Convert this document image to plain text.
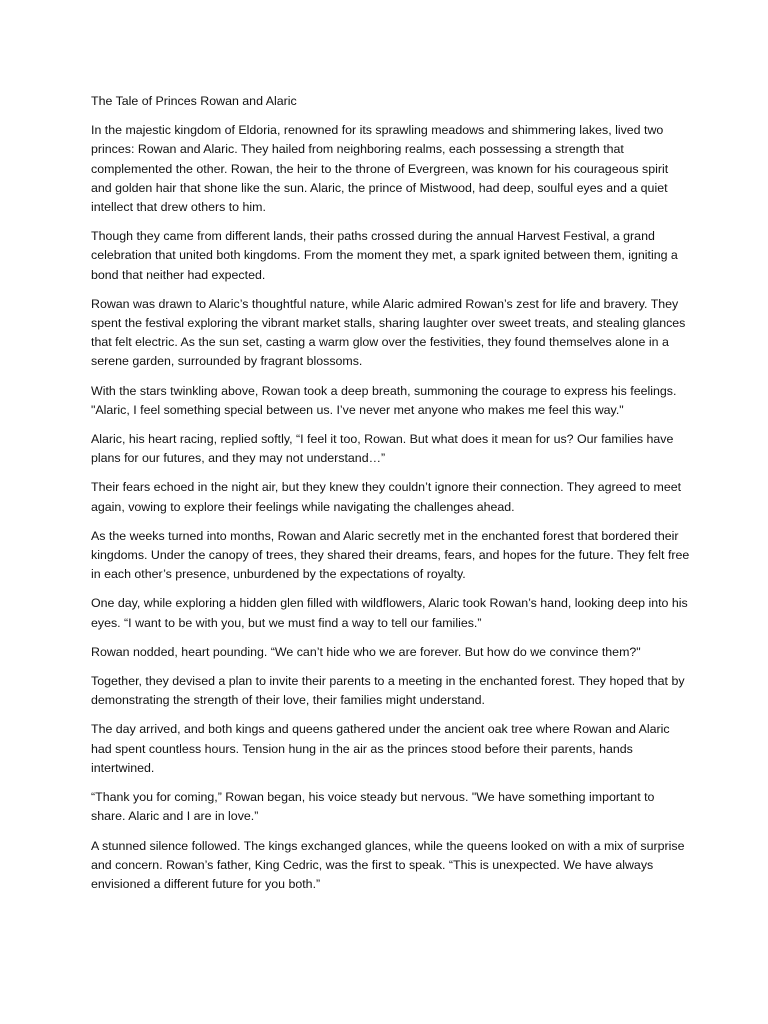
The Tale of Princes Rowan and Alaric

In the majestic kingdom of Eldoria, renowned for its sprawling meadows and shimmering lakes, lived two princes: Rowan and Alaric. They hailed from neighboring realms, each possessing a strength that complemented the other. Rowan, the heir to the throne of Evergreen, was known for his courageous spirit and golden hair that shone like the sun. Alaric, the prince of Mistwood, had deep, soulful eyes and a quiet intellect that drew others to him.

Though they came from different lands, their paths crossed during the annual Harvest Festival, a grand celebration that united both kingdoms. From the moment they met, a spark ignited between them, igniting a bond that neither had expected.

Rowan was drawn to Alaric’s thoughtful nature, while Alaric admired Rowan’s zest for life and bravery. They spent the festival exploring the vibrant market stalls, sharing laughter over sweet treats, and stealing glances that felt electric. As the sun set, casting a warm glow over the festivities, they found themselves alone in a serene garden, surrounded by fragrant blossoms.

With the stars twinkling above, Rowan took a deep breath, summoning the courage to express his feelings. "Alaric, I feel something special between us. I’ve never met anyone who makes me feel this way."

Alaric, his heart racing, replied softly, “I feel it too, Rowan. But what does it mean for us? Our families have plans for our futures, and they may not understand…”

Their fears echoed in the night air, but they knew they couldn’t ignore their connection. They agreed to meet again, vowing to explore their feelings while navigating the challenges ahead.

As the weeks turned into months, Rowan and Alaric secretly met in the enchanted forest that bordered their kingdoms. Under the canopy of trees, they shared their dreams, fears, and hopes for the future. They felt free in each other’s presence, unburdened by the expectations of royalty.

One day, while exploring a hidden glen filled with wildflowers, Alaric took Rowan’s hand, looking deep into his eyes. “I want to be with you, but we must find a way to tell our families.”

Rowan nodded, heart pounding. “We can’t hide who we are forever. But how do we convince them?"

Together, they devised a plan to invite their parents to a meeting in the enchanted forest. They hoped that by demonstrating the strength of their love, their families might understand.

The day arrived, and both kings and queens gathered under the ancient oak tree where Rowan and Alaric had spent countless hours. Tension hung in the air as the princes stood before their parents, hands intertwined.

“Thank you for coming,” Rowan began, his voice steady but nervous. "We have something important to share. Alaric and I are in love.”

A stunned silence followed. The kings exchanged glances, while the queens looked on with a mix of surprise and concern. Rowan’s father, King Cedric, was the first to speak. “This is unexpected. We have always envisioned a different future for you both.”
